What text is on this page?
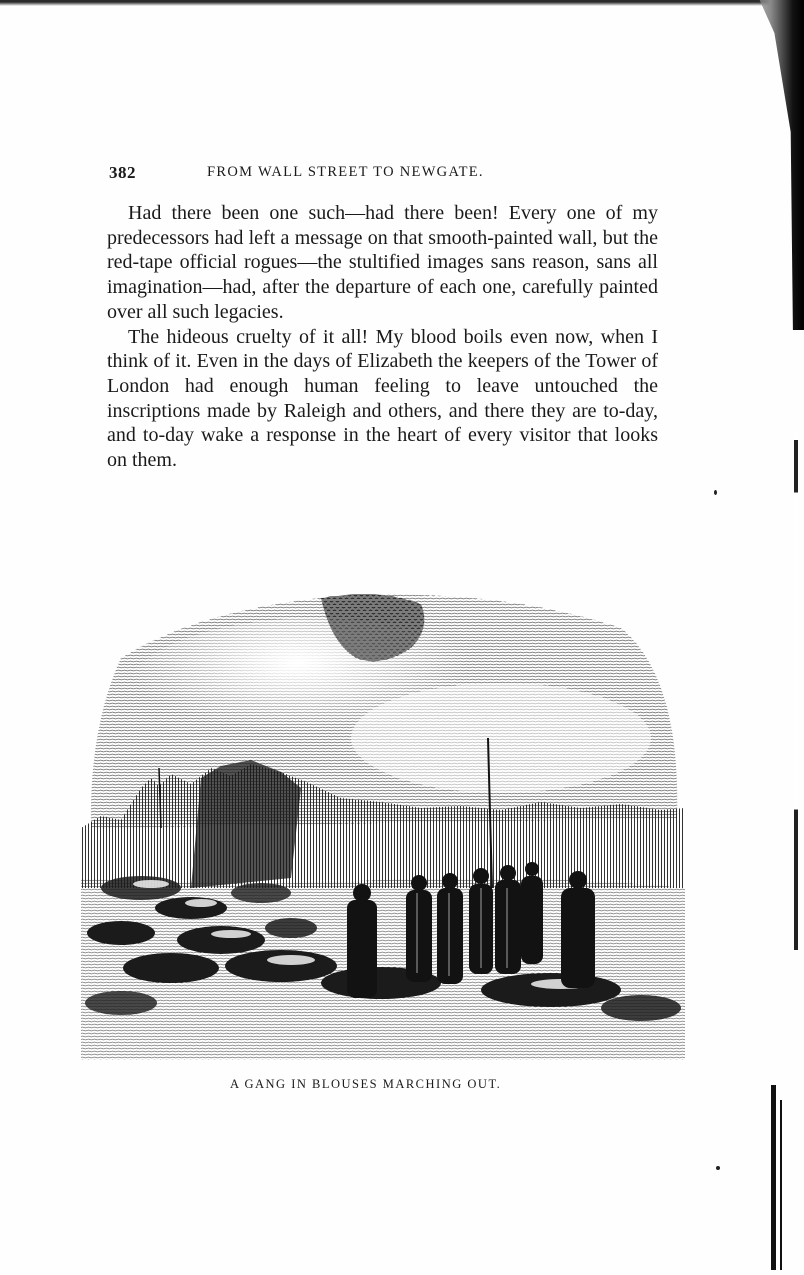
382	FROM WALL STREET TO NEWGATE.

Had there been one such—had there been! Every one of my predecessors had left a message on that smooth-painted wall, but the red-tape official rogues—the stultified images sans reason, sans all imagination—had, after the departure of each one, carefully painted over all such legacies.

The hideous cruelty of it all! My blood boils even now, when I think of it. Even in the days of Elizabeth the keepers of the Tower of London had enough human feeling to leave untouched the inscriptions made by Raleigh and others, and there they are to-day, and to-day wake a response in the heart of every visitor that looks on them.

A GANG IN BLOUSES MARCHING OUT.
